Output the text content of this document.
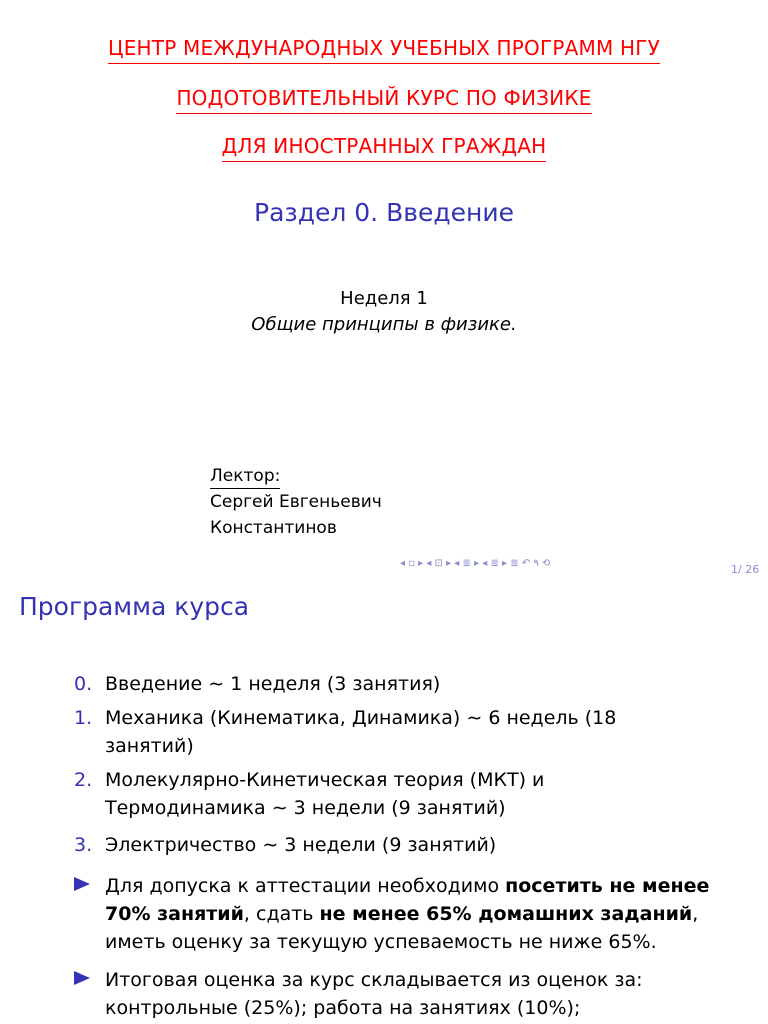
ЦЕНТР МЕЖДУНАРОДНЫХ УЧЕБНЫХ ПРОГРАММ НГУ
ПОДОТОВИТЕЛЬНЫЙ КУРС ПО ФИЗИКЕ
ДЛЯ ИНОСТРАННЫХ ГРАЖДАН
Раздел 0. Введение
Неделя 1
Общие принципы в физике.
Лектор:
Сергей Евгеньевич
Константинов
◂ ▫ ▸ ◂ ⊡ ▸ ◂ ≣ ▸ ◂ ≣ ▸ ≣ ↶ ۹ ⟲	1/ 26
Программа курса
0. Введение ∼ 1 неделя (3 занятия)
1. Механика (Кинематика, Динамика) ∼ 6 недель (18 занятий)
2. Молекулярно-Кинетическая теория (МКТ) и Термодинамика ∼ 3 недели (9 занятий)
3. Электричество ∼ 3 недели (9 занятий)
Для допуска к аттестации необходимо посетить не менее 70% занятий, сдать не менее 65% домашних заданий, иметь оценку за текущую успеваемость не ниже 65%.
Итоговая оценка за курс складывается из оценок за: контрольные (25%); работа на занятиях (10%);
